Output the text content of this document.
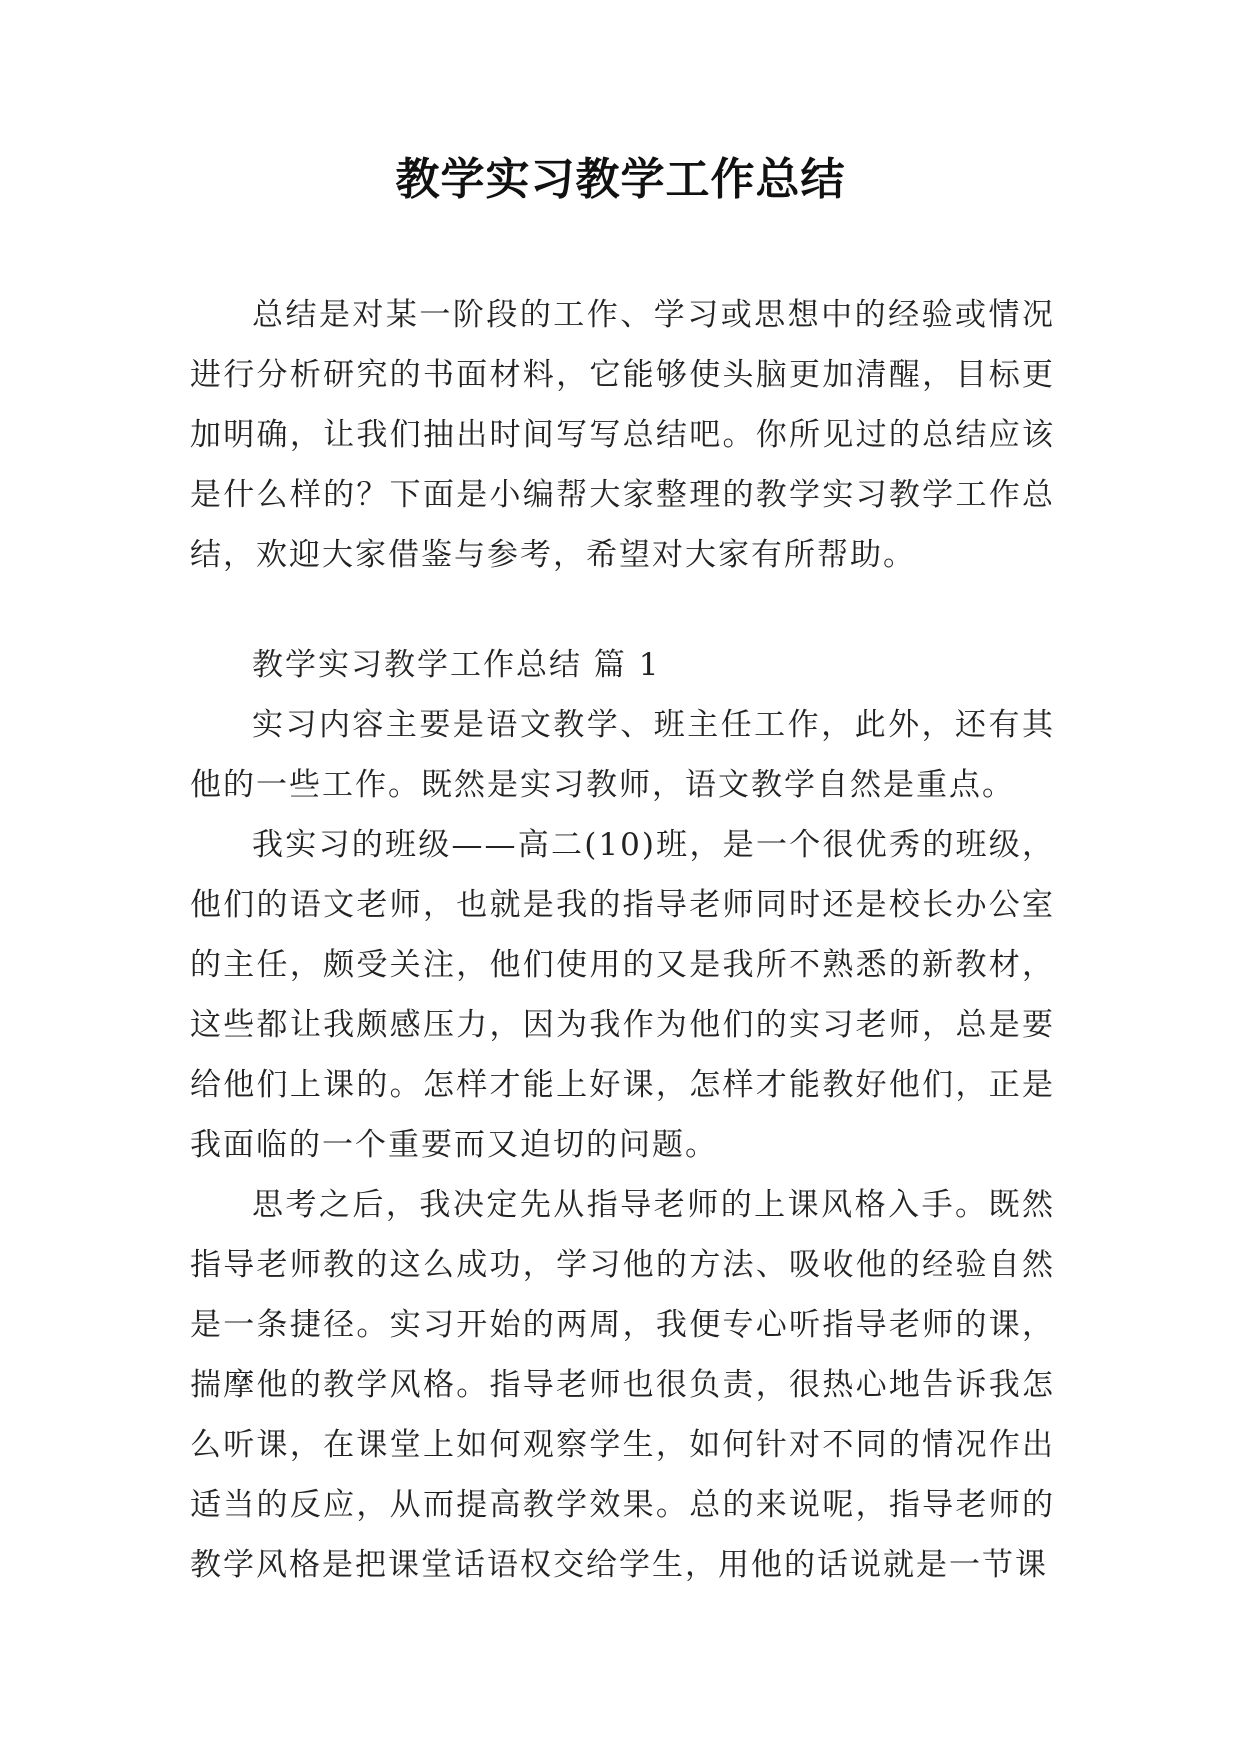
教学实习教学工作总结

总结是对某一阶段的工作、学习或思想中的经验或情况进行分析研究的书面材料，它能够使头脑更加清醒，目标更加明确，让我们抽出时间写写总结吧。你所见过的总结应该是什么样的？下面是小编帮大家整理的教学实习教学工作总结，欢迎大家借鉴与参考，希望对大家有所帮助。

教学实习教学工作总结 篇 1

实习内容主要是语文教学、班主任工作，此外，还有其他的一些工作。既然是实习教师，语文教学自然是重点。

我实习的班级——高二(10)班，是一个很优秀的班级，他们的语文老师，也就是我的指导老师同时还是校长办公室的主任，颇受关注，他们使用的又是我所不熟悉的新教材，这些都让我颇感压力，因为我作为他们的实习老师，总是要给他们上课的。怎样才能上好课，怎样才能教好他们，正是我面临的一个重要而又迫切的问题。

思考之后，我决定先从指导老师的上课风格入手。既然指导老师教的这么成功，学习他的方法、吸收他的经验自然是一条捷径。实习开始的两周，我便专心听指导老师的课，揣摩他的教学风格。指导老师也很负责，很热心地告诉我怎么听课，在课堂上如何观察学生，如何针对不同的情况作出适当的反应，从而提高教学效果。总的来说呢，指导老师的教学风格是把课堂话语权交给学生，用他的话说就是一节课
